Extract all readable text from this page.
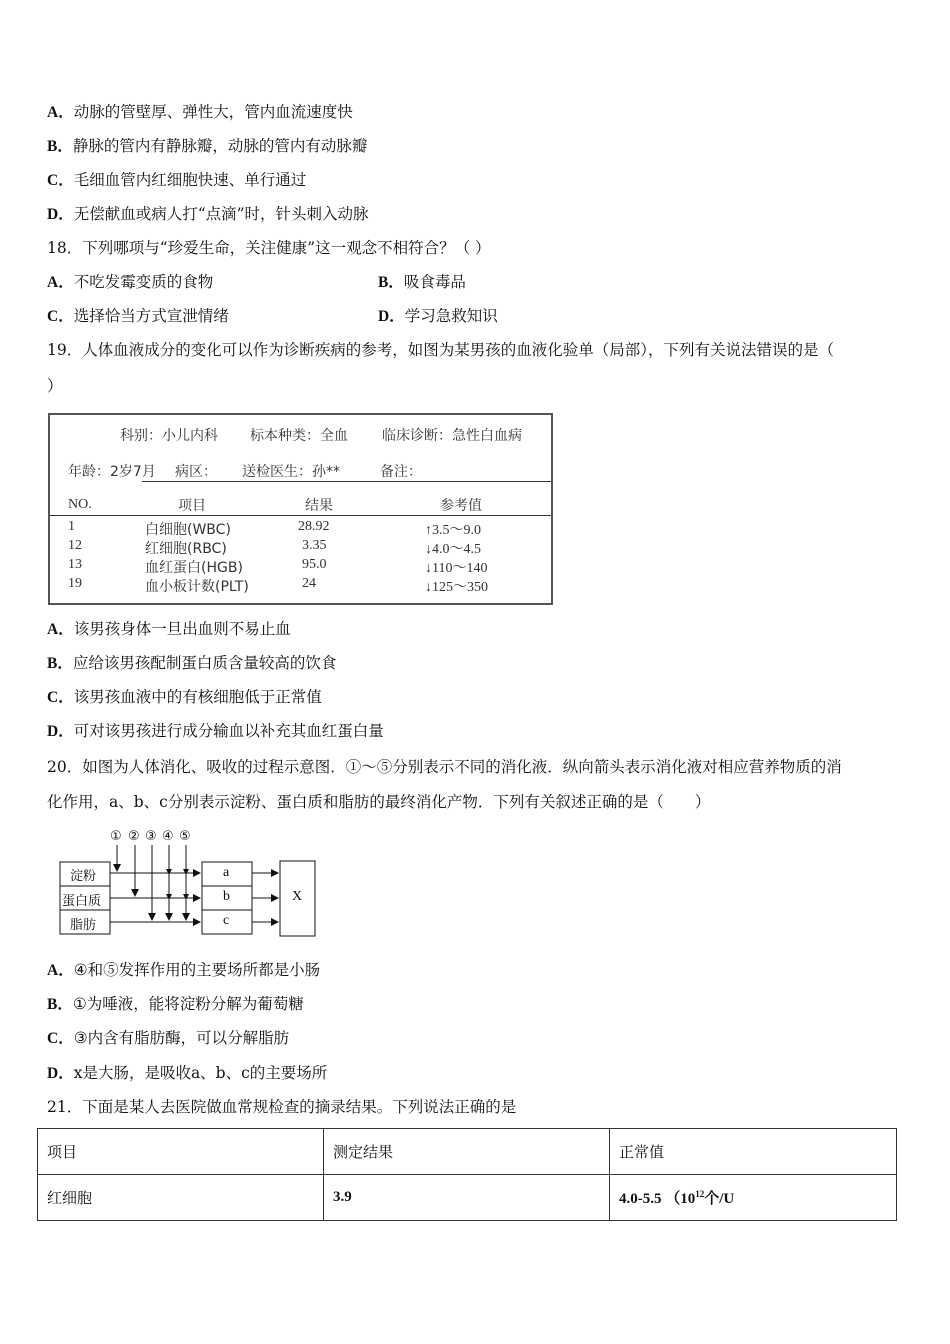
A．动脉的管壁厚、弹性大，管内血流速度快
B．静脉的管内有静脉瓣，动脉的管内有动脉瓣
C．毛细血管内红细胞快速、单行通过
D．无偿献血或病人打“点滴”时，针头刺入动脉
18．下列哪项与“珍爱生命，关注健康”这一观念不相符合？（ ）
A．不吃发霉变质的食物	B．吸食毒品
C．选择恰当方式宣泄情绪	D．学习急救知识
19．人体血液成分的变化可以作为诊断疾病的参考，如图为某男孩的血液化验单（局部），下列有关说法错误的是（
）
科别：小儿内科 标本种类：全血 临床诊断：急性白血病
年龄：2岁7月 病区： 送检医生：孙**	备注：
NO.	项目	结果	参考值
1	白细胞(WBC)	28.92	↑3.5～9.0
12	红细胞(RBC)	3.35	↓4.0～4.5
13	血红蛋白(HGB)	95.0	↓110～140
19	血小板计数(PLT)	24	↓125～350
A．该男孩身体一旦出血则不易止血
B．应给该男孩配制蛋白质含量较高的饮食
C．该男孩血液中的有核细胞低于正常值
D．可对该男孩进行成分输血以补充其血红蛋白量
20．如图为人体消化、吸收的过程示意图．①～⑤分别表示不同的消化液．纵向箭头表示消化液对相应营养物质的消
化作用，a、b、c分别表示淀粉、蛋白质和脂肪的最终消化产物．下列有关叙述正确的是（　　）
① ② ③ ④ ⑤
淀粉
蛋白质
脂肪
a
b
c
X
A．④和⑤发挥作用的主要场所都是小肠
B．①为唾液，能将淀粉分解为葡萄糖
C．③内含有脂肪酶，可以分解脂肪
D．x是大肠，是吸收a、b、c的主要场所
21．下面是某人去医院做血常规检查的摘录结果。下列说法正确的是
项目	测定结果	正常值
红细胞	3.9	4.0-5.5 （$10^{12}$个/U
